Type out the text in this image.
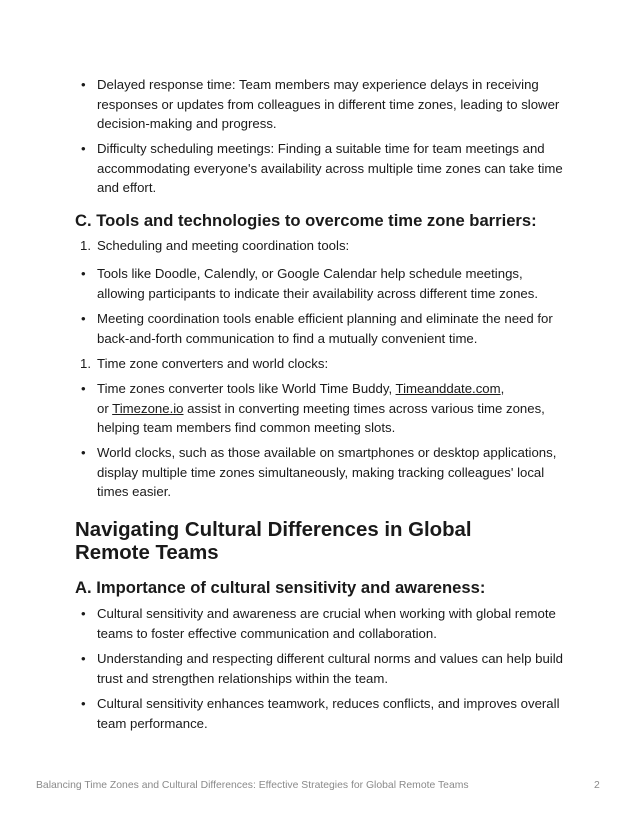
• Delayed response time: Team members may experience delays in receiving responses or updates from colleagues in different time zones, leading to slower decision-making and progress.
• Difficulty scheduling meetings: Finding a suitable time for team meetings and accommodating everyone's availability across multiple time zones can take time and effort.
C. Tools and technologies to overcome time zone barriers:
1. Scheduling and meeting coordination tools:
• Tools like Doodle, Calendly, or Google Calendar help schedule meetings, allowing participants to indicate their availability across different time zones.
• Meeting coordination tools enable efficient planning and eliminate the need for back-and-forth communication to find a mutually convenient time.
1. Time zone converters and world clocks:
• Time zones converter tools like World Time Buddy, Timeanddate.com,
or Timezone.io assist in converting meeting times across various time zones, helping team members find common meeting slots.
• World clocks, such as those available on smartphones or desktop applications, display multiple time zones simultaneously, making tracking colleagues' local times easier.
Navigating Cultural Differences in Global Remote Teams
A. Importance of cultural sensitivity and awareness:
• Cultural sensitivity and awareness are crucial when working with global remote teams to foster effective communication and collaboration.
• Understanding and respecting different cultural norms and values can help build trust and strengthen relationships within the team.
• Cultural sensitivity enhances teamwork, reduces conflicts, and improves overall team performance.
Balancing Time Zones and Cultural Differences: Effective Strategies for Global Remote Teams	2
